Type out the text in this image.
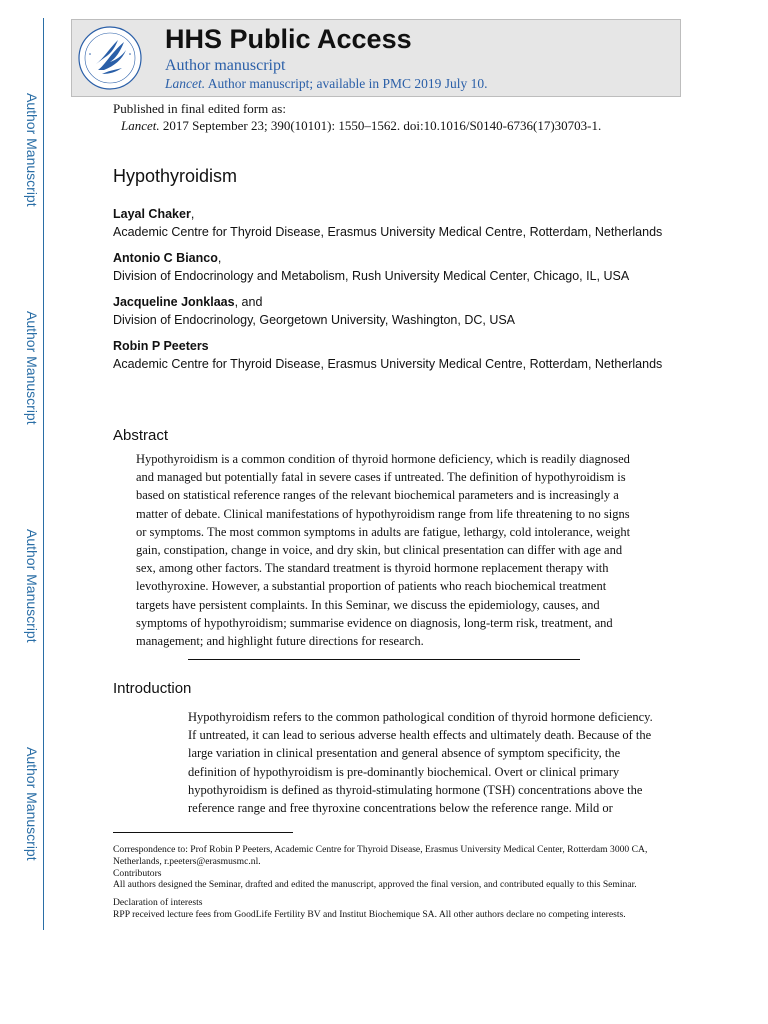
Author Manuscript
Author Manuscript
Author Manuscript
Author Manuscript
HHS Public Access
Author manuscript
Lancet. Author manuscript; available in PMC 2019 July 10.
Published in final edited form as:
Lancet. 2017 September 23; 390(10101): 1550–1562. doi:10.1016/S0140-6736(17)30703-1.
Hypothyroidism
Layal Chaker,
Academic Centre for Thyroid Disease, Erasmus University Medical Centre, Rotterdam, Netherlands
Antonio C Bianco,
Division of Endocrinology and Metabolism, Rush University Medical Center, Chicago, IL, USA
Jacqueline Jonklaas, and
Division of Endocrinology, Georgetown University, Washington, DC, USA
Robin P Peeters
Academic Centre for Thyroid Disease, Erasmus University Medical Centre, Rotterdam, Netherlands
Abstract

Hypothyroidism is a common condition of thyroid hormone deficiency, which is readily diagnosed and managed but potentially fatal in severe cases if untreated. The definition of hypothyroidism is based on statistical reference ranges of the relevant biochemical parameters and is increasingly a matter of debate. Clinical manifestations of hypothyroidism range from life threatening to no signs or symptoms. The most common symptoms in adults are fatigue, lethargy, cold intolerance, weight gain, constipation, change in voice, and dry skin, but clinical presentation can differ with age and sex, among other factors. The standard treatment is thyroid hormone replacement therapy with levothyroxine. However, a substantial proportion of patients who reach biochemical treatment targets have persistent complaints. In this Seminar, we discuss the epidemiology, causes, and symptoms of hypothyroidism; summarise evidence on diagnosis, long-term risk, treatment, and management; and highlight future directions for research.

Introduction

Hypothyroidism refers to the common pathological condition of thyroid hormone deficiency. If untreated, it can lead to serious adverse health effects and ultimately death. Because of the large variation in clinical presentation and general absence of symptom specificity, the definition of hypothyroidism is pre-dominantly biochemical. Overt or clinical primary hypothyroidism is defined as thyroid-stimulating hormone (TSH) concentrations above the reference range and free thyroxine concentrations below the reference range. Mild or

Correspondence to: Prof Robin P Peeters, Academic Centre for Thyroid Disease, Erasmus University Medical Center, Rotterdam 3000 CA, Netherlands, r.peeters@erasmusmc.nl.

Contributors

All authors designed the Seminar, drafted and edited the manuscript, approved the final version, and contributed equally to this Seminar.

Declaration of interests

RPP received lecture fees from GoodLife Fertility BV and Institut Biochemique SA. All other authors declare no competing interests.
